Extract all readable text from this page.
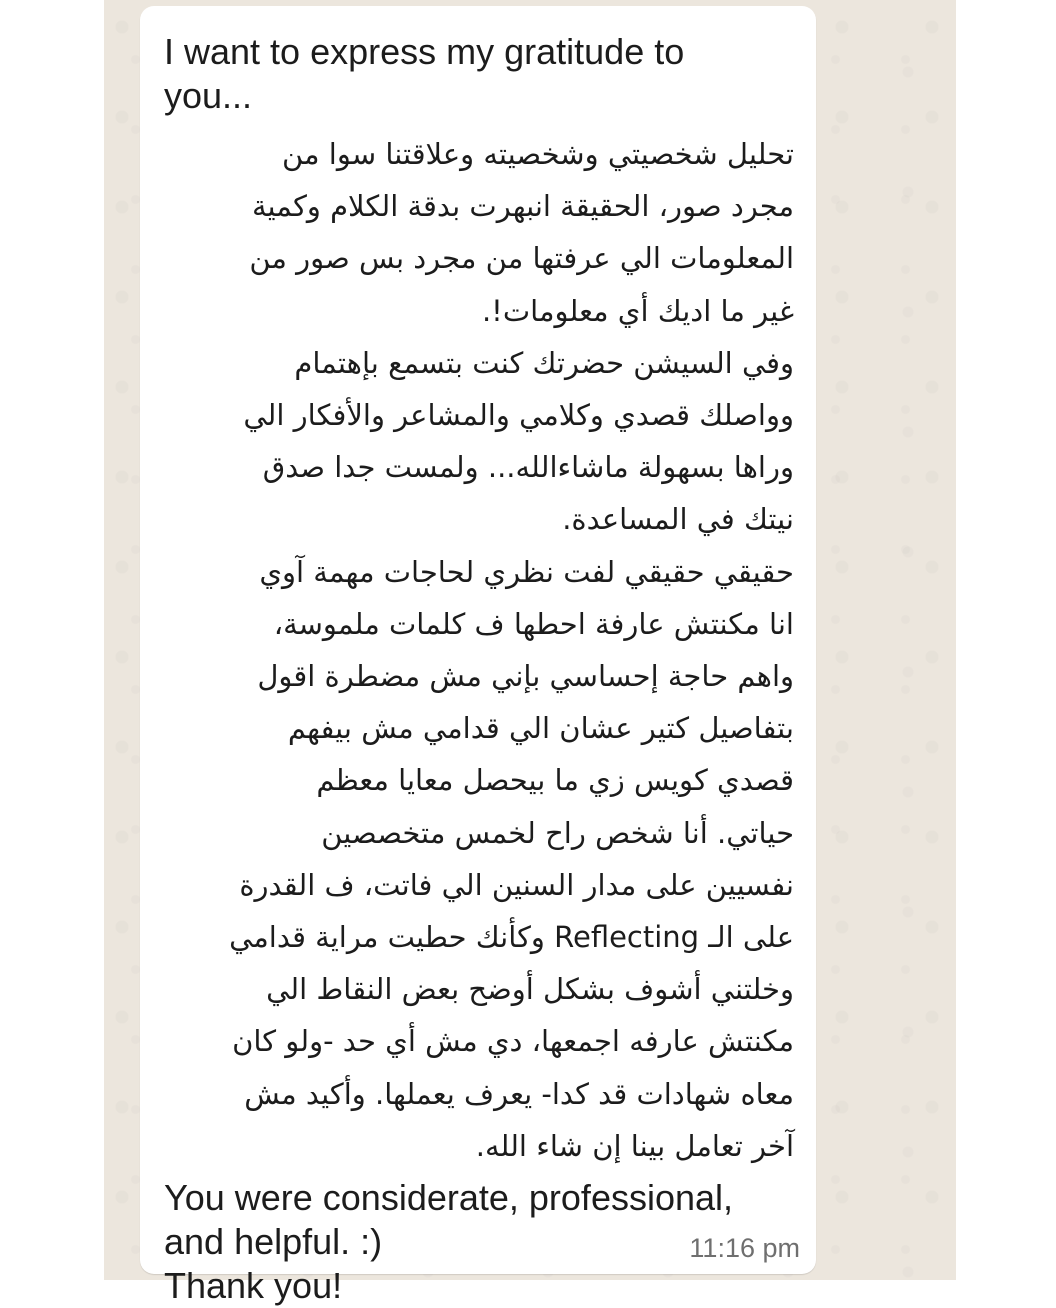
I want to express my gratitude to
you...

تحليل شخصيتي وشخصيته وعلاقتنا سوا من
مجرد صور، الحقيقة انبهرت بدقة الكلام وكمية
المعلومات الي عرفتها من مجرد بس صور من
غير ما اديك أي معلومات!.
وفي السيشن حضرتك كنت بتسمع بإهتمام
وواصلك قصدي وكلامي والمشاعر والأفكار الي
وراها بسهولة ماشاءالله... ولمست جدا صدق
نيتك في المساعدة.
حقيقي حقيقي لفت نظري لحاجات مهمة آوي
انا مكنتش عارفة احطها ف كلمات ملموسة،
واهم حاجة إحساسي بإني مش مضطرة اقول
بتفاصيل كتير عشان الي قدامي مش بيفهم
قصدي كويس زي ما بيحصل معايا معظم
حياتي. أنا شخص راح لخمس متخصصين
نفسيين على مدار السنين الي فاتت، ف القدرة
على الـ Reflecting وكأنك حطيت مراية قدامي
وخلتني أشوف بشكل أوضح بعض النقاط الي
مكنتش عارفه اجمعها، دي مش أي حد -ولو كان
معاه شهادات قد كدا- يعرف يعملها. وأكيد مش
آخر تعامل بينا إن شاء الله.

You were considerate, professional,
and helpful. :)
Thank you!

11:16 pm
